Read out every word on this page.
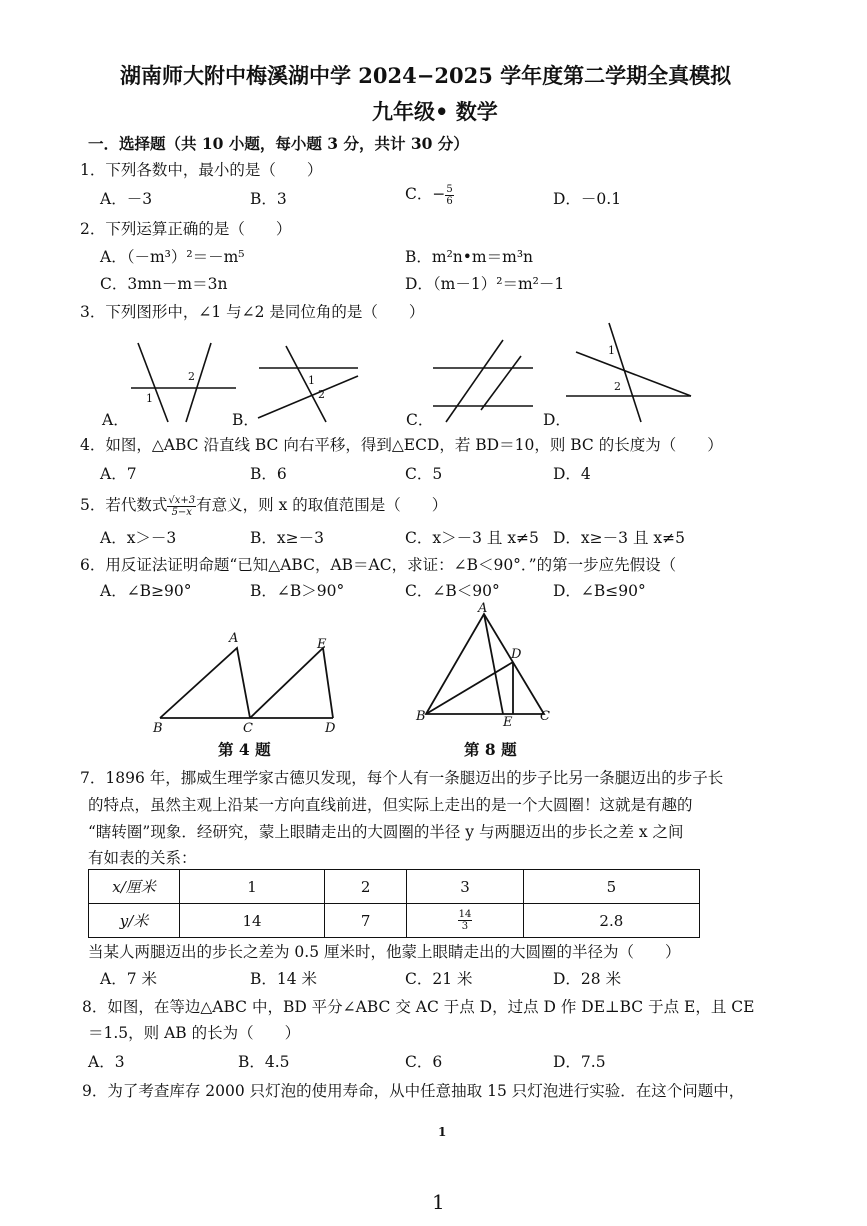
湖南师大附中梅溪湖中学 2024−2025 学年度第二学期全真模拟
九年级• 数学
一．选择题（共 10 小题，每小题 3 分，共计 30 分）
1．下列各数中，最小的是（　　）
A．－3	B．3	C．− $\frac{5}{6}$	D．－0.1
2．下列运算正确的是（　　）
A．（－m³）²＝－m⁵	B．m²n•m＝m³n
C．3mn－m＝3n	D．（m－1）²＝m²－1
3．下列图形中，∠1 与∠2 是同位角的是（　　）
2
1
1
2
1
2
A．	B．	C．	D．
4．如图，△ABC 沿直线 BC 向右平移，得到△ECD，若 BD＝10，则 BC 的长度为（　　）
A．7	B．6	C．5	D．4
5．若代数式 $\frac{√x+3}{5-x}$ 有意义，则 x 的取值范围是（　　）
A．x＞－3	B．x≥－3	C．x＞－3 且 x≠5 D．x≥－3 且 x≠5
6．用反证法证明命题“已知△ABC，AB＝AC，求证：∠B＜90°．”的第一步应先假设（
A．∠B≥90°	B．∠B＞90°	C．∠B＜90°	D．∠B≤90°
A	E
B	C	D
第 4 题
A
D
B	E C
第 8 题
7．1896 年，挪威生理学家古德贝发现，每个人有一条腿迈出的步子比另一条腿迈出的步子长
的特点，虽然主观上沿某一方向直线前进，但实际上走出的是一个大圆圈！这就是有趣的
“瞎转圈”现象．经研究，蒙上眼睛走出的大圆圈的半径 y 与两腿迈出的步长之差 x 之间
有如表的关系：
x/厘米	1	2	3	5
y/米	14	7	$\frac{14}{3}$	2.8
当某人两腿迈出的步长之差为 0.5 厘米时，他蒙上眼睛走出的大圆圈的半径为（　　）
A．7 米	B．14 米	C．21 米	D．28 米
8．如图，在等边△ABC 中，BD 平分∠ABC 交 AC 于点 D，过点 D 作 DE⊥BC 于点 E，且 CE
＝1.5，则 AB 的长为（　　）
A．3	B．4.5	C．6	D．7.5
9．为了考查库存 2000 只灯泡的使用寿命，从中任意抽取 15 只灯泡进行实验．在这个问题中，
1
1
